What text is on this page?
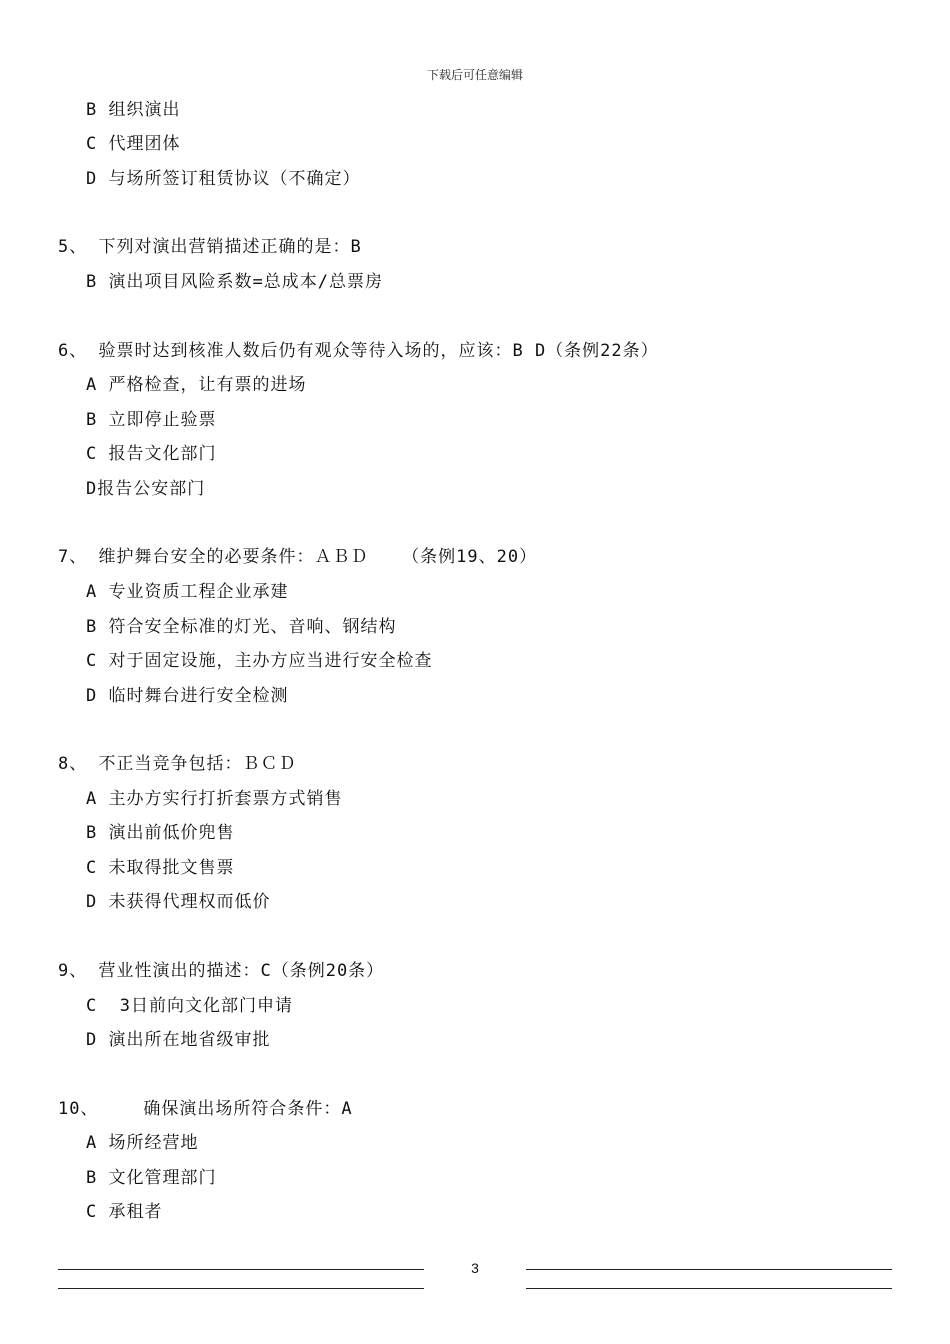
下载后可任意编辑
B 组织演出
C 代理团体
D 与场所签订租赁协议（不确定）
5、 下列对演出营销描述正确的是：B
B 演出项目风险系数=总成本/总票房
6、 验票时达到核准人数后仍有观众等待入场的，应该：B D（条例22条）
A 严格检查，让有票的进场
B 立即停止验票
C 报告文化部门
D报告公安部门
7、 维护舞台安全的必要条件：ＡＢＤ   （条例19、20）
A 专业资质工程企业承建
B 符合安全标准的灯光、音响、钢结构
C 对于固定设施，主办方应当进行安全检查
D 临时舞台进行安全检测
8、 不正当竞争包括：ＢＣＤ
A 主办方实行打折套票方式销售
B 演出前低价兜售
C 未取得批文售票
D 未获得代理权而低价
9、 营业性演出的描述：C（条例20条）
C  3日前向文化部门申请
D 演出所在地省级审批
10、    确保演出场所符合条件：A
A 场所经营地
B 文化管理部门
C 承租者
3
